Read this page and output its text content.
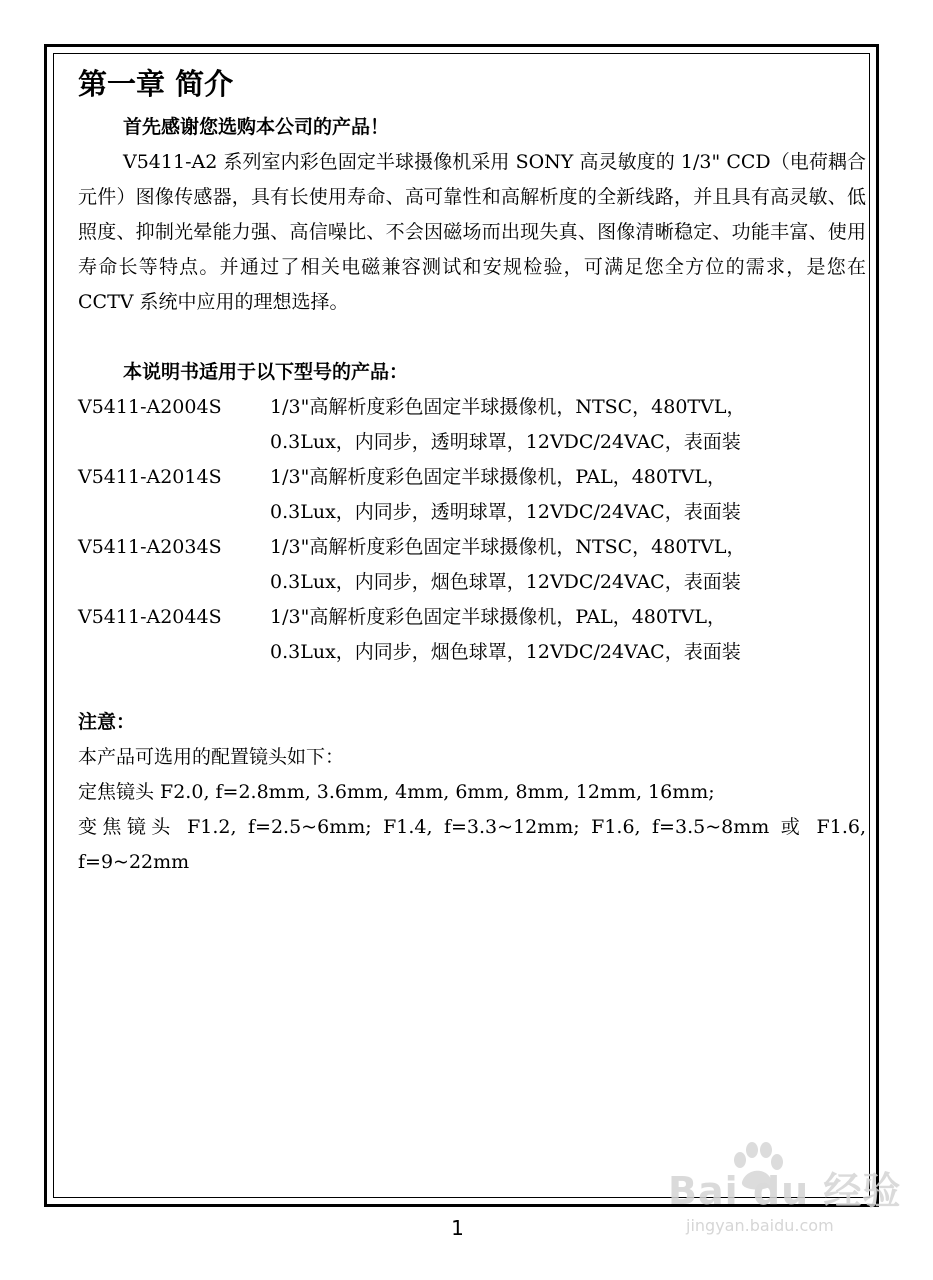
第一章 简介

首先感谢您选购本公司的产品！

V5411-A2 系列室内彩色固定半球摄像机采用 SONY 高灵敏度的 1/3" CCD（电荷耦合元件）图像传感器，具有长使用寿命、高可靠性和高解析度的全新线路，并且具有高灵敏、低照度、抑制光晕能力强、高信噪比、不会因磁场而出现失真、图像清晰稳定、功能丰富、使用寿命长等特点。并通过了相关电磁兼容测试和安规检验，可满足您全方位的需求，是您在 CCTV 系统中应用的理想选择。

本说明书适用于以下型号的产品：

V5411-A2004S	1/3"高解析度彩色固定半球摄像机，NTSC，480TVL，
0.3Lux，内同步，透明球罩，12VDC/24VAC，表面装
V5411-A2014S	1/3"高解析度彩色固定半球摄像机，PAL，480TVL，
0.3Lux，内同步，透明球罩，12VDC/24VAC，表面装
V5411-A2034S	1/3"高解析度彩色固定半球摄像机，NTSC，480TVL，
0.3Lux，内同步，烟色球罩，12VDC/24VAC，表面装
V5411-A2044S	1/3"高解析度彩色固定半球摄像机，PAL，480TVL，
0.3Lux，内同步，烟色球罩，12VDC/24VAC，表面装

注意：

本产品可选用的配置镜头如下：

定焦镜头 F2.0, f=2.8mm, 3.6mm, 4mm, 6mm, 8mm, 12mm, 16mm;

变焦镜头 F1.2, f=2.5~6mm; F1.4, f=3.3~12mm; F1.6, f=3.5~8mm 或 F1.6, f=9~22mm

1
Bai du 经验
jingyan.baidu.com
